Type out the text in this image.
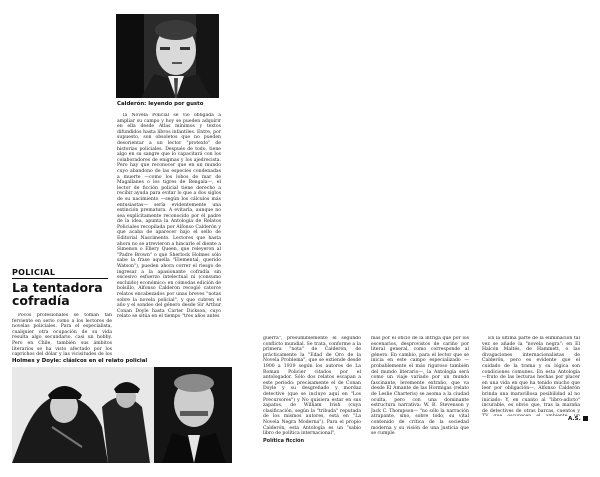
Calderón: leyendo por gusto

la Novela Policial se vio obligada a ampliar su campo y hoy se pueden adquirir en ella desde Atlas mínimos y textos difundidos hasta libros infantiles. Entre, por supuesto, son obsoletos que no pueden desorientar a un lector "protexto" de historias policiales. Después de todo, tiene algo en su sangre que lo capacitará con los colaboradores de enigmas y los ajedrecista. Pero hay que reconocer que en un mundo cuyo abandono de las especies condenadas a muerte —como los lobos de mar de Magallanes o los tigres de Bengala—, el lector de ficción policial tiene derecho a recibir ayuda para evitar lo que a dos siglos de su nacimiento —según los cálculos más entusiastas— sería evidentemente una extinción prematura. A evitarla, aunque no sea explícitamente reconocido por él padre de la idea, apunta la Antología de Relatos Policiales recopilada por Alfonso Calderón y que acaba de aparecer bajo el sello de Editorial Nascimento. Lectores que hasta ahora no se atrevieron a hincarle el diente a Simenon o Ellery Queen, que releyeron al "Padre Brown" o que Sherlock Holmes sólo sabe la frase aquella "Elemental, querido Watson"), pueden ahora correr el riesgo de ingresar a la apasionante cofradía sin excesivo esfuerzo intelectual ni (consumo excluido) económico: en cómodas edición de bolsillo, Alfonso Calderón recogió catorce relatos encabezados por unas breves "notas sobre la novela policial", y que cubren el año y el sondeo del género desde Sir Arthur Conan Doyle hasta Carter Dickson, cuyo relato se sitúa en el tiempo "tres años antes

POLICIAL
La tentadora
cofradía

Pocos profesionales se toman tan ferviente en serio como a los lectores de novelas policiales. Para el especialista, cualquier otra ocupación de su vida resulta algo secundario, casi un hobby. Pero en Chile, también sus ámbitos literarios se ha visto afectado por los caprichos del dólar y las vicisitudes de los

Holmes y Doyle: clásicos en el relato policial

guerra", presumiblemente el segundo conflicto mundial. Se trata, conforme a la primera "nota" de Calderón, de prácticamente la "Edad de Oro de la Novela Problema", que se extiende desde 1900 a 1939 según los autores de La Roman Policier citados por el antologador. Sólo dos relatos escapan a este período: precisamente el de Conan Doyle y su desgreñado y mordaz detective (que se incluye aquí en "Los Precursores") y No quisiera estar en sus zapatos, de William Irish (cuya clasificación, según la "tribuda" reputada de los mismos autores, está en "La Novela Negra Moderna"). Para el propio Calderón, esta Antología es un "sabio libro de política internacional",

Política ficción

más por el oficio de la intriga que por los escenarios, desprovistos de cariño por literal general, como corresponde al género. En cambio, para el lector que se inicia en este campo especializado —probablemente el más riguroso también del mundo literario—, la Antología será como un viaje variado por un mundo fascinante, levemente extraño, que va desde El Amante de las Hormigas (relato de Leslie Charteris) se asoma a la ciudad oculta, pero con una dominante estructura narrativa: W. B. Stevenson y Jack C. Thompson— "no sólo la narración atrapante, sino, sobre todo, su vital contenido de crítica de la sociedad moderna y su visión de una justicia que se cumple

En la última parte de la eliminación tal vez se añade la "novela negra": en El Halcón Maltés, de Hammett, o las divagaciones internacionalistas de Calderón, pero es evidente que el cuidado de la trama y su lógica son condiciones comunes. En esta Antología —fruto de las lecturas hechas por placer en una vida en que ha tenido mucho que leer por obligación—, Alfonso Calderón brinda una maravillosa posibilidad al no iniciado: Y, en cuanto al "libro-adicto" incurable, es obvio que, tras la maraña de detectives de otras barcas, cuentos y

A.S.
